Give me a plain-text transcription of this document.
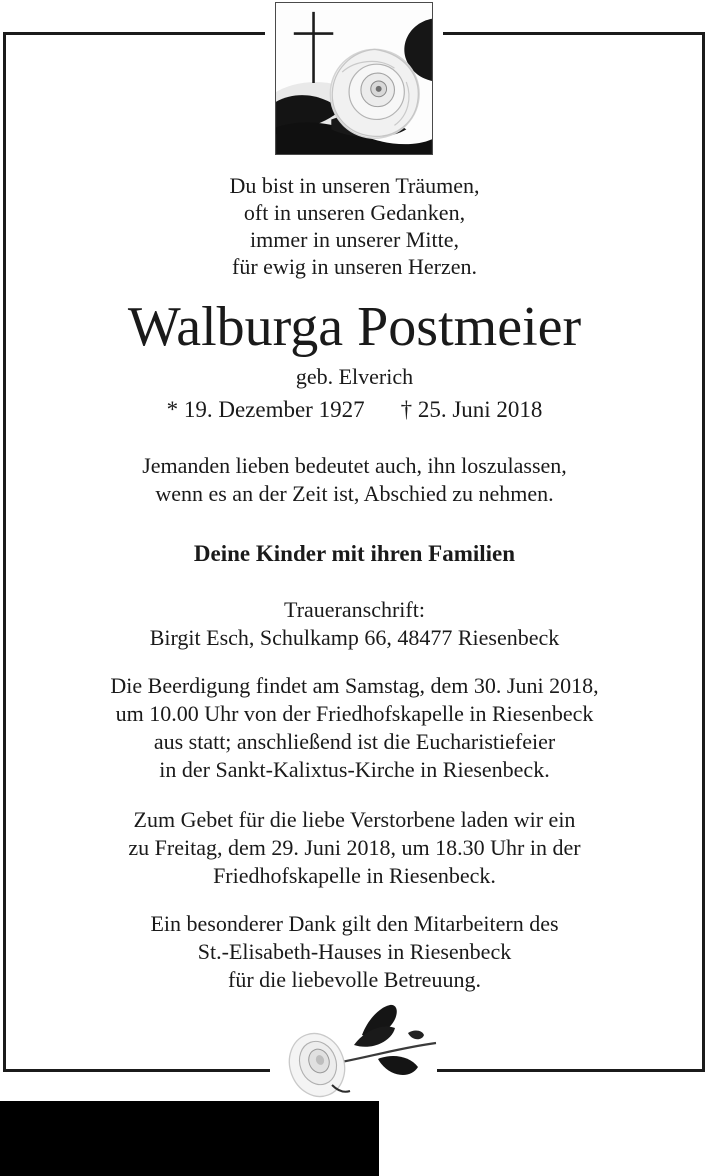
Du bist in unseren Träumen,
oft in unseren Gedanken,
immer in unserer Mitte,
für ewig in unseren Herzen.
Walburga Postmeier
geb. Elverich
* 19. Dezember 1927 † 25. Juni 2018
Jemanden lieben bedeutet auch, ihn loszulassen,
wenn es an der Zeit ist, Abschied zu nehmen.
Deine Kinder mit ihren Familien
Traueranschrift:
Birgit Esch, Schulkamp 66, 48477 Riesenbeck
Die Beerdigung findet am Samstag, dem 30. Juni 2018,
um 10.00 Uhr von der Friedhofskapelle in Riesenbeck
aus statt; anschließend ist die Eucharistiefeier
in der Sankt-Kalixtus-Kirche in Riesenbeck.
Zum Gebet für die liebe Verstorbene laden wir ein
zu Freitag, dem 29. Juni 2018, um 18.30 Uhr in der
Friedhofskapelle in Riesenbeck.
Ein besonderer Dank gilt den Mitarbeitern des
St.-Elisabeth-Hauses in Riesenbeck
für die liebevolle Betreuung.
